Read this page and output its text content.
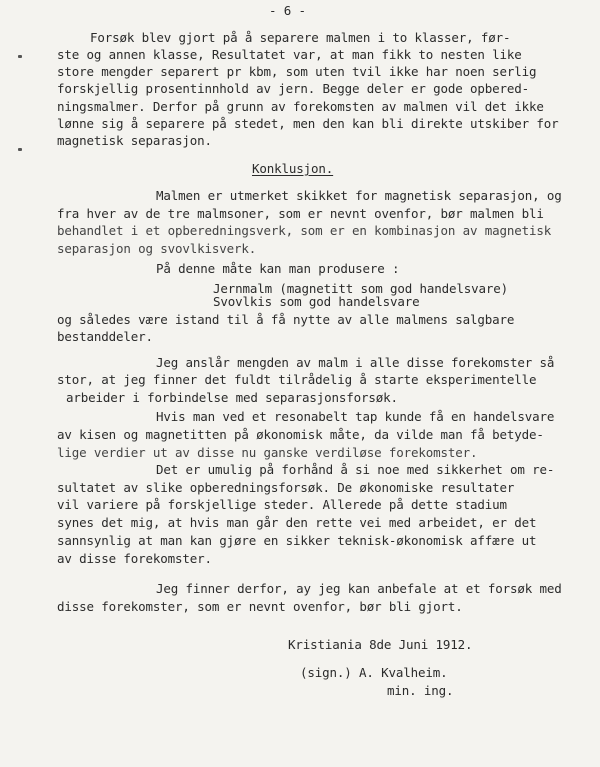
- 6 -
Forsøk blev gjort på å separere malmen i to klasser, før-
ste og annen klasse, Resultatet var, at man fikk to nesten like
store mengder separert pr kbm, som uten tvil ikke har noen serlig
forskjellig prosentinnhold av jern. Begge deler er gode opbered-
ningsmalmer. Derfor på grunn av forekomsten av malmen vil det ikke
lønne sig å separere på stedet, men den kan bli direkte utskiber for
magnetisk separasjon.
Konklusjon.
Malmen er utmerket skikket for magnetisk separasjon, og
fra hver av de tre malmsoner, som er nevnt ovenfor, bør malmen bli
behandlet i et opberedningsverk, som er en kombinasjon av magnetisk
separasjon og svovlkisverk.
På denne måte kan man produsere :
Jernmalm (magnetitt som god handelsvare)
Svovlkis som god handelsvare
og således være istand til å få nytte av alle malmens salgbare
bestanddeler.
Jeg anslår mengden av malm i alle disse forekomster så
stor, at jeg finner det fuldt tilrådelig å starte eksperimentelle
arbeider i forbindelse med separasjonsforsøk.
Hvis man ved et resonabelt tap kunde få en handelsvare
av kisen og magnetitten på økonomisk måte, da vilde man få betyde-
lige verdier ut av disse nu ganske verdiløse forekomster.
Det er umulig på forhånd å si noe med sikkerhet om re-
sultatet av slike opberedningsforsøk. De økonomiske resultater
vil variere på forskjellige steder. Allerede på dette stadium
synes det mig, at hvis man går den rette vei med arbeidet, er det
sannsynlig at man kan gjøre en sikker teknisk-økonomisk affære ut
av disse forekomster.
Jeg finner derfor, ay jeg kan anbefale at et forsøk med
disse forekomster, som er nevnt ovenfor, bør bli gjort.
Kristiania 8de Juni 1912.
(sign.) A. Kvalheim.
min. ing.
